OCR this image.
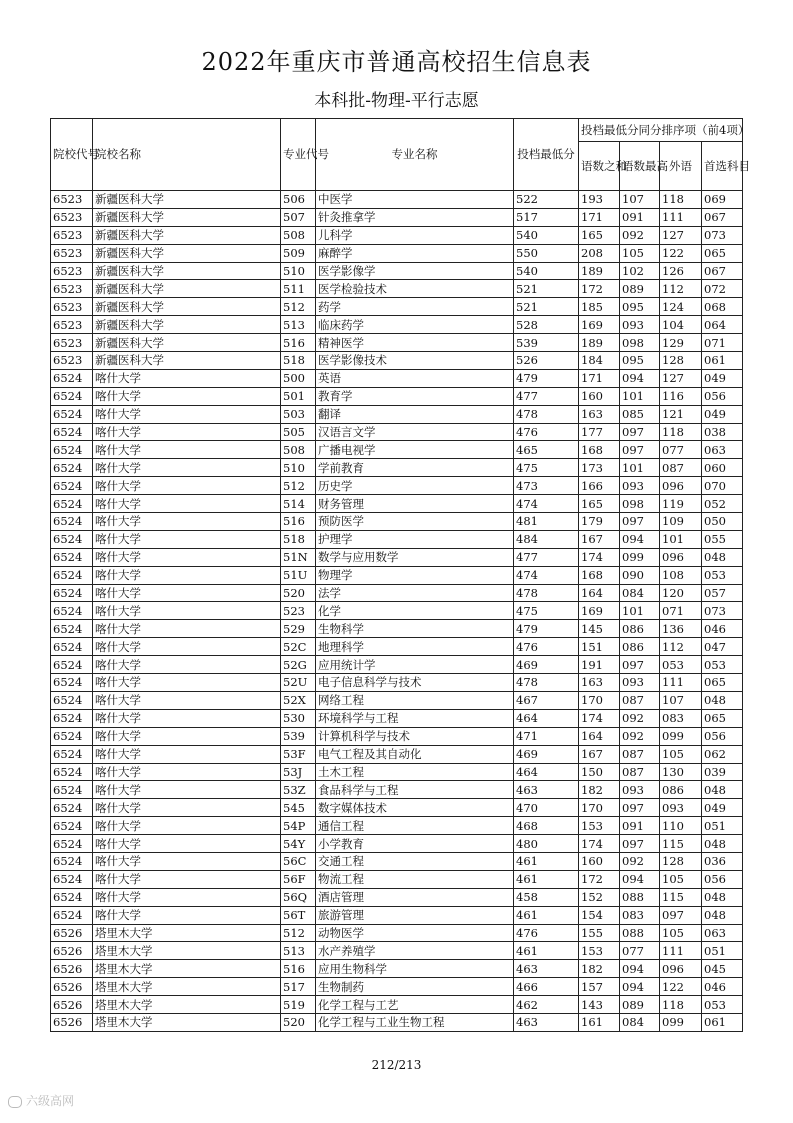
2022年重庆市普通高校招生信息表
本科批-物理-平行志愿
院校代号	院校名称	专业代号	专业名称	投档最低分	投档最低分同分排序项（前4项）			
					语数之和	语数最高	外语	首选科目
6523	新疆医科大学	506	中医学	522	193	107	118	069
6523	新疆医科大学	507	针灸推拿学	517	171	091	111	067
6523	新疆医科大学	508	儿科学	540	165	092	127	073
6523	新疆医科大学	509	麻醉学	550	208	105	122	065
6523	新疆医科大学	510	医学影像学	540	189	102	126	067
6523	新疆医科大学	511	医学检验技术	521	172	089	112	072
6523	新疆医科大学	512	药学	521	185	095	124	068
6523	新疆医科大学	513	临床药学	528	169	093	104	064
6523	新疆医科大学	516	精神医学	539	189	098	129	071
6523	新疆医科大学	518	医学影像技术	526	184	095	128	061
6524	喀什大学	500	英语	479	171	094	127	049
6524	喀什大学	501	教育学	477	160	101	116	056
6524	喀什大学	503	翻译	478	163	085	121	049
6524	喀什大学	505	汉语言文学	476	177	097	118	038
6524	喀什大学	508	广播电视学	465	168	097	077	063
6524	喀什大学	510	学前教育	475	173	101	087	060
6524	喀什大学	512	历史学	473	166	093	096	070
6524	喀什大学	514	财务管理	474	165	098	119	052
6524	喀什大学	516	预防医学	481	179	097	109	050
6524	喀什大学	518	护理学	484	167	094	101	055
6524	喀什大学	51N	数学与应用数学	477	174	099	096	048
6524	喀什大学	51U	物理学	474	168	090	108	053
6524	喀什大学	520	法学	478	164	084	120	057
6524	喀什大学	523	化学	475	169	101	071	073
6524	喀什大学	529	生物科学	479	145	086	136	046
6524	喀什大学	52C	地理科学	476	151	086	112	047
6524	喀什大学	52G	应用统计学	469	191	097	053	053
6524	喀什大学	52U	电子信息科学与技术	478	163	093	111	065
6524	喀什大学	52X	网络工程	467	170	087	107	048
6524	喀什大学	530	环境科学与工程	464	174	092	083	065
6524	喀什大学	539	计算机科学与技术	471	164	092	099	056
6524	喀什大学	53F	电气工程及其自动化	469	167	087	105	062
6524	喀什大学	53J	土木工程	464	150	087	130	039
6524	喀什大学	53Z	食品科学与工程	463	182	093	086	048
6524	喀什大学	545	数字媒体技术	470	170	097	093	049
6524	喀什大学	54P	通信工程	468	153	091	110	051
6524	喀什大学	54Y	小学教育	480	174	097	115	048
6524	喀什大学	56C	交通工程	461	160	092	128	036
6524	喀什大学	56F	物流工程	461	172	094	105	056
6524	喀什大学	56Q	酒店管理	458	152	088	115	048
6524	喀什大学	56T	旅游管理	461	154	083	097	048
6526	塔里木大学	512	动物医学	476	155	088	105	063
6526	塔里木大学	513	水产养殖学	461	153	077	111	051
6526	塔里木大学	516	应用生物科学	463	182	094	096	045
6526	塔里木大学	517	生物制药	466	157	094	122	046
6526	塔里木大学	519	化学工程与工艺	462	143	089	118	053
6526	塔里木大学	520	化学工程与工业生物工程	463	161	084	099	061
212/213
六级高网
